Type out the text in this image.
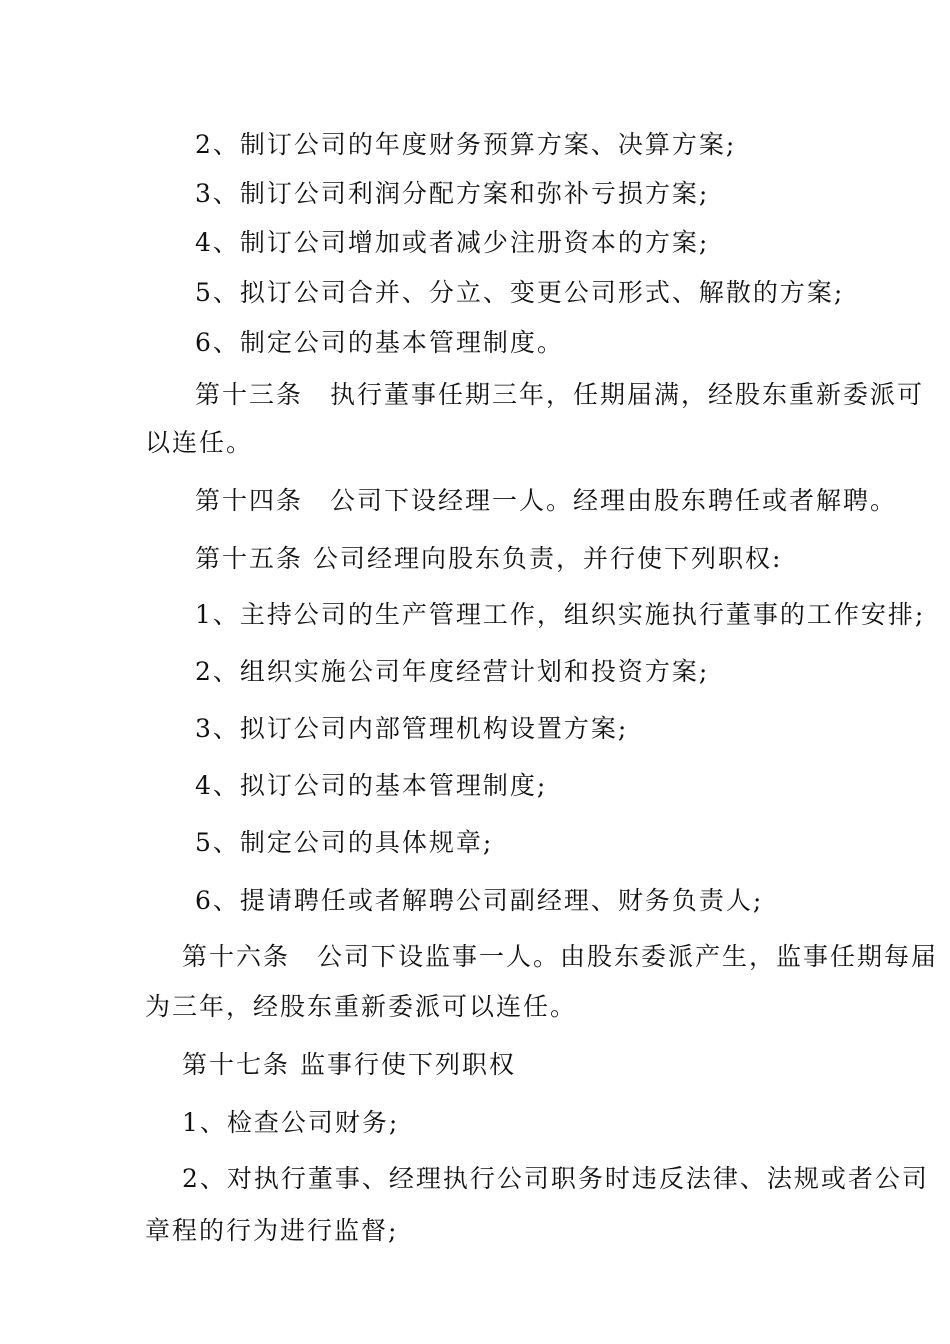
2、制订公司的年度财务预算方案、决算方案;
3、制订公司利润分配方案和弥补亏损方案;
4、制订公司增加或者减少注册资本的方案;
5、拟订公司合并、分立、变更公司形式、解散的方案;
6、制定公司的基本管理制度。
第十三条　执行董事任期三年，任期届满，经股东重新委派可
以连任。
第十四条　公司下设经理一人。经理由股东聘任或者解聘。
第十五条 公司经理向股东负责，并行使下列职权:
1、主持公司的生产管理工作，组织实施执行董事的工作安排;
2、组织实施公司年度经营计划和投资方案;
3、拟订公司内部管理机构设置方案;
4、拟订公司的基本管理制度;
5、制定公司的具体规章;
6、提请聘任或者解聘公司副经理、财务负责人;
第十六条　公司下设监事一人。由股东委派产生，监事任期每届
为三年，经股东重新委派可以连任。
第十七条 监事行使下列职权
1、检查公司财务;
2、对执行董事、经理执行公司职务时违反法律、法规或者公司
章程的行为进行监督;
